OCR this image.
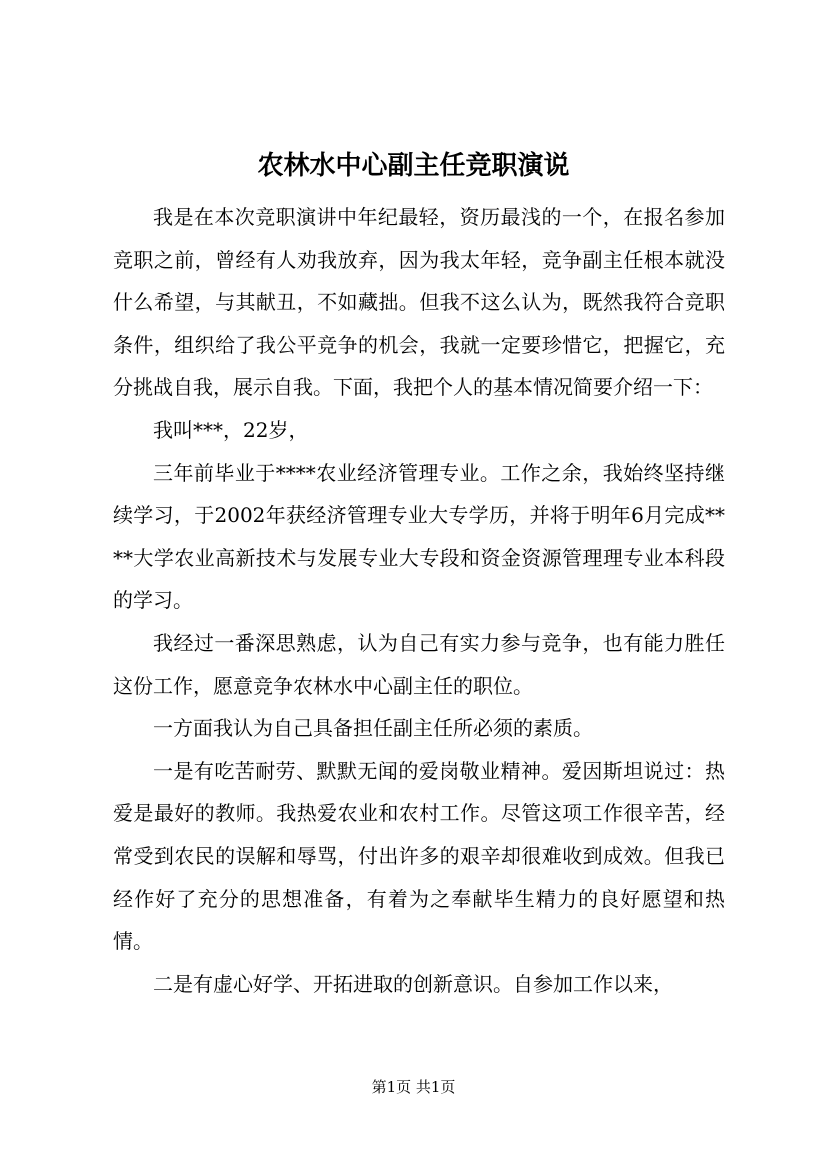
农林水中心副主任竞职演说

我是在本次竞职演讲中年纪最轻，资历最浅的一个，在报名参加竞职之前，曾经有人劝我放弃，因为我太年轻，竞争副主任根本就没什么希望，与其献丑，不如藏拙。但我不这么认为，既然我符合竞职条件，组织给了我公平竞争的机会，我就一定要珍惜它，把握它，充分挑战自我，展示自我。下面，我把个人的基本情况简要介绍一下：

我叫***，22岁，

三年前毕业于****农业经济管理专业。工作之余，我始终坚持继续学习，于2002年获经济管理专业大专学历，并将于明年6月完成****大学农业高新技术与发展专业大专段和资金资源管理理专业本科段的学习。

我经过一番深思熟虑，认为自己有实力参与竞争，也有能力胜任这份工作，愿意竞争农林水中心副主任的职位。

一方面我认为自己具备担任副主任所必须的素质。

一是有吃苦耐劳、默默无闻的爱岗敬业精神。爱因斯坦说过：热爱是最好的教师。我热爱农业和农村工作。尽管这项工作很辛苦，经常受到农民的误解和辱骂，付出许多的艰辛却很难收到成效。但我已经作好了充分的思想准备，有着为之奉献毕生精力的良好愿望和热情。

二是有虚心好学、开拓进取的创新意识。自参加工作以来，

第1页 共1页
